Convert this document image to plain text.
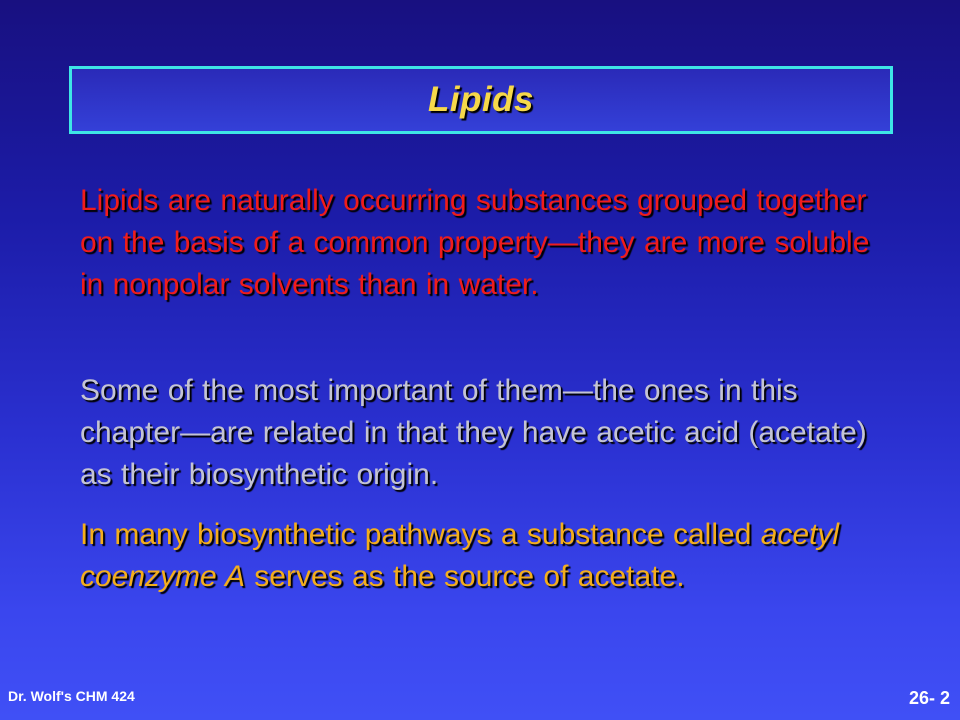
Lipids

Lipids are naturally occurring substances grouped together on the basis of a common property—they are more soluble in nonpolar solvents than in water.

Some of the most important of them—the ones in this chapter—are related in that they have acetic acid (acetate) as their biosynthetic origin.

In many biosynthetic pathways a substance called acetyl coenzyme A serves as the source of acetate.

Dr. Wolf's CHM 424	26- 2
